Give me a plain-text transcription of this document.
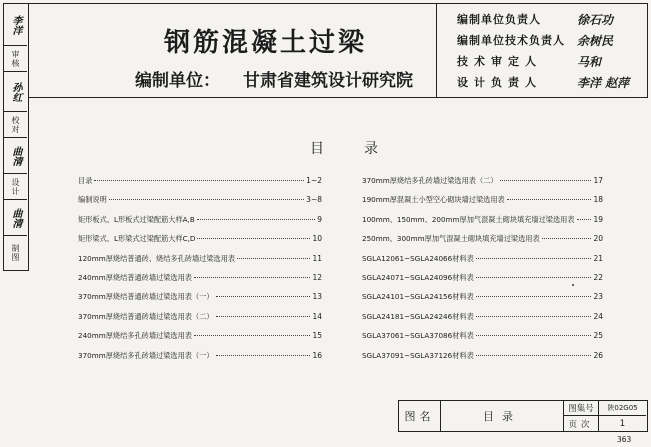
李洋
审核
孙红
校对
曲清
设计
曲清
制图
钢筋混凝土过梁
编制单位： 甘肃省建筑设计研究院
编制单位负责人	徐石功
编制单位技术负责人	余树民
技术审定人	马和
设计负责人	李洋 赵萍
目录
目录	1~2
编制说明	3~8
矩形板式、L形板式过梁配筋大样A,B	9
矩形梁式、L形梁式过梁配筋大样C,D	10
120mm厚烧结普通砖、烧结多孔砖墙过梁选用表	11
240mm厚烧结普通砖墙过梁选用表	12
370mm厚烧结普通砖墙过梁选用表（一）	13
370mm厚烧结普通砖墙过梁选用表（二）	14
240mm厚烧结多孔砖墙过梁选用表	15
370mm厚烧结多孔砖墙过梁选用表（一）	16
370mm厚烧结多孔砖墙过梁选用表（二）	17
190mm厚混凝土小型空心砌块墙过梁选用表	18
100mm、150mm、200mm厚加气混凝土砌块填充墙过梁选用表	19
250mm、300mm厚加气混凝土砌块填充墙过梁选用表	20
SGLA12061~SGLA24066材料表	21
SGLA24071~SGLA24096材料表	22
SGLA24101~SGLA24156材料表	23
SGLA24181~SGLA24246材料表	24
SGLA37061~SGLA37086材料表	25
SGLA37091~SGLA37126材料表	26
图名	目录
图集号	陕02G05
页次	1
363
